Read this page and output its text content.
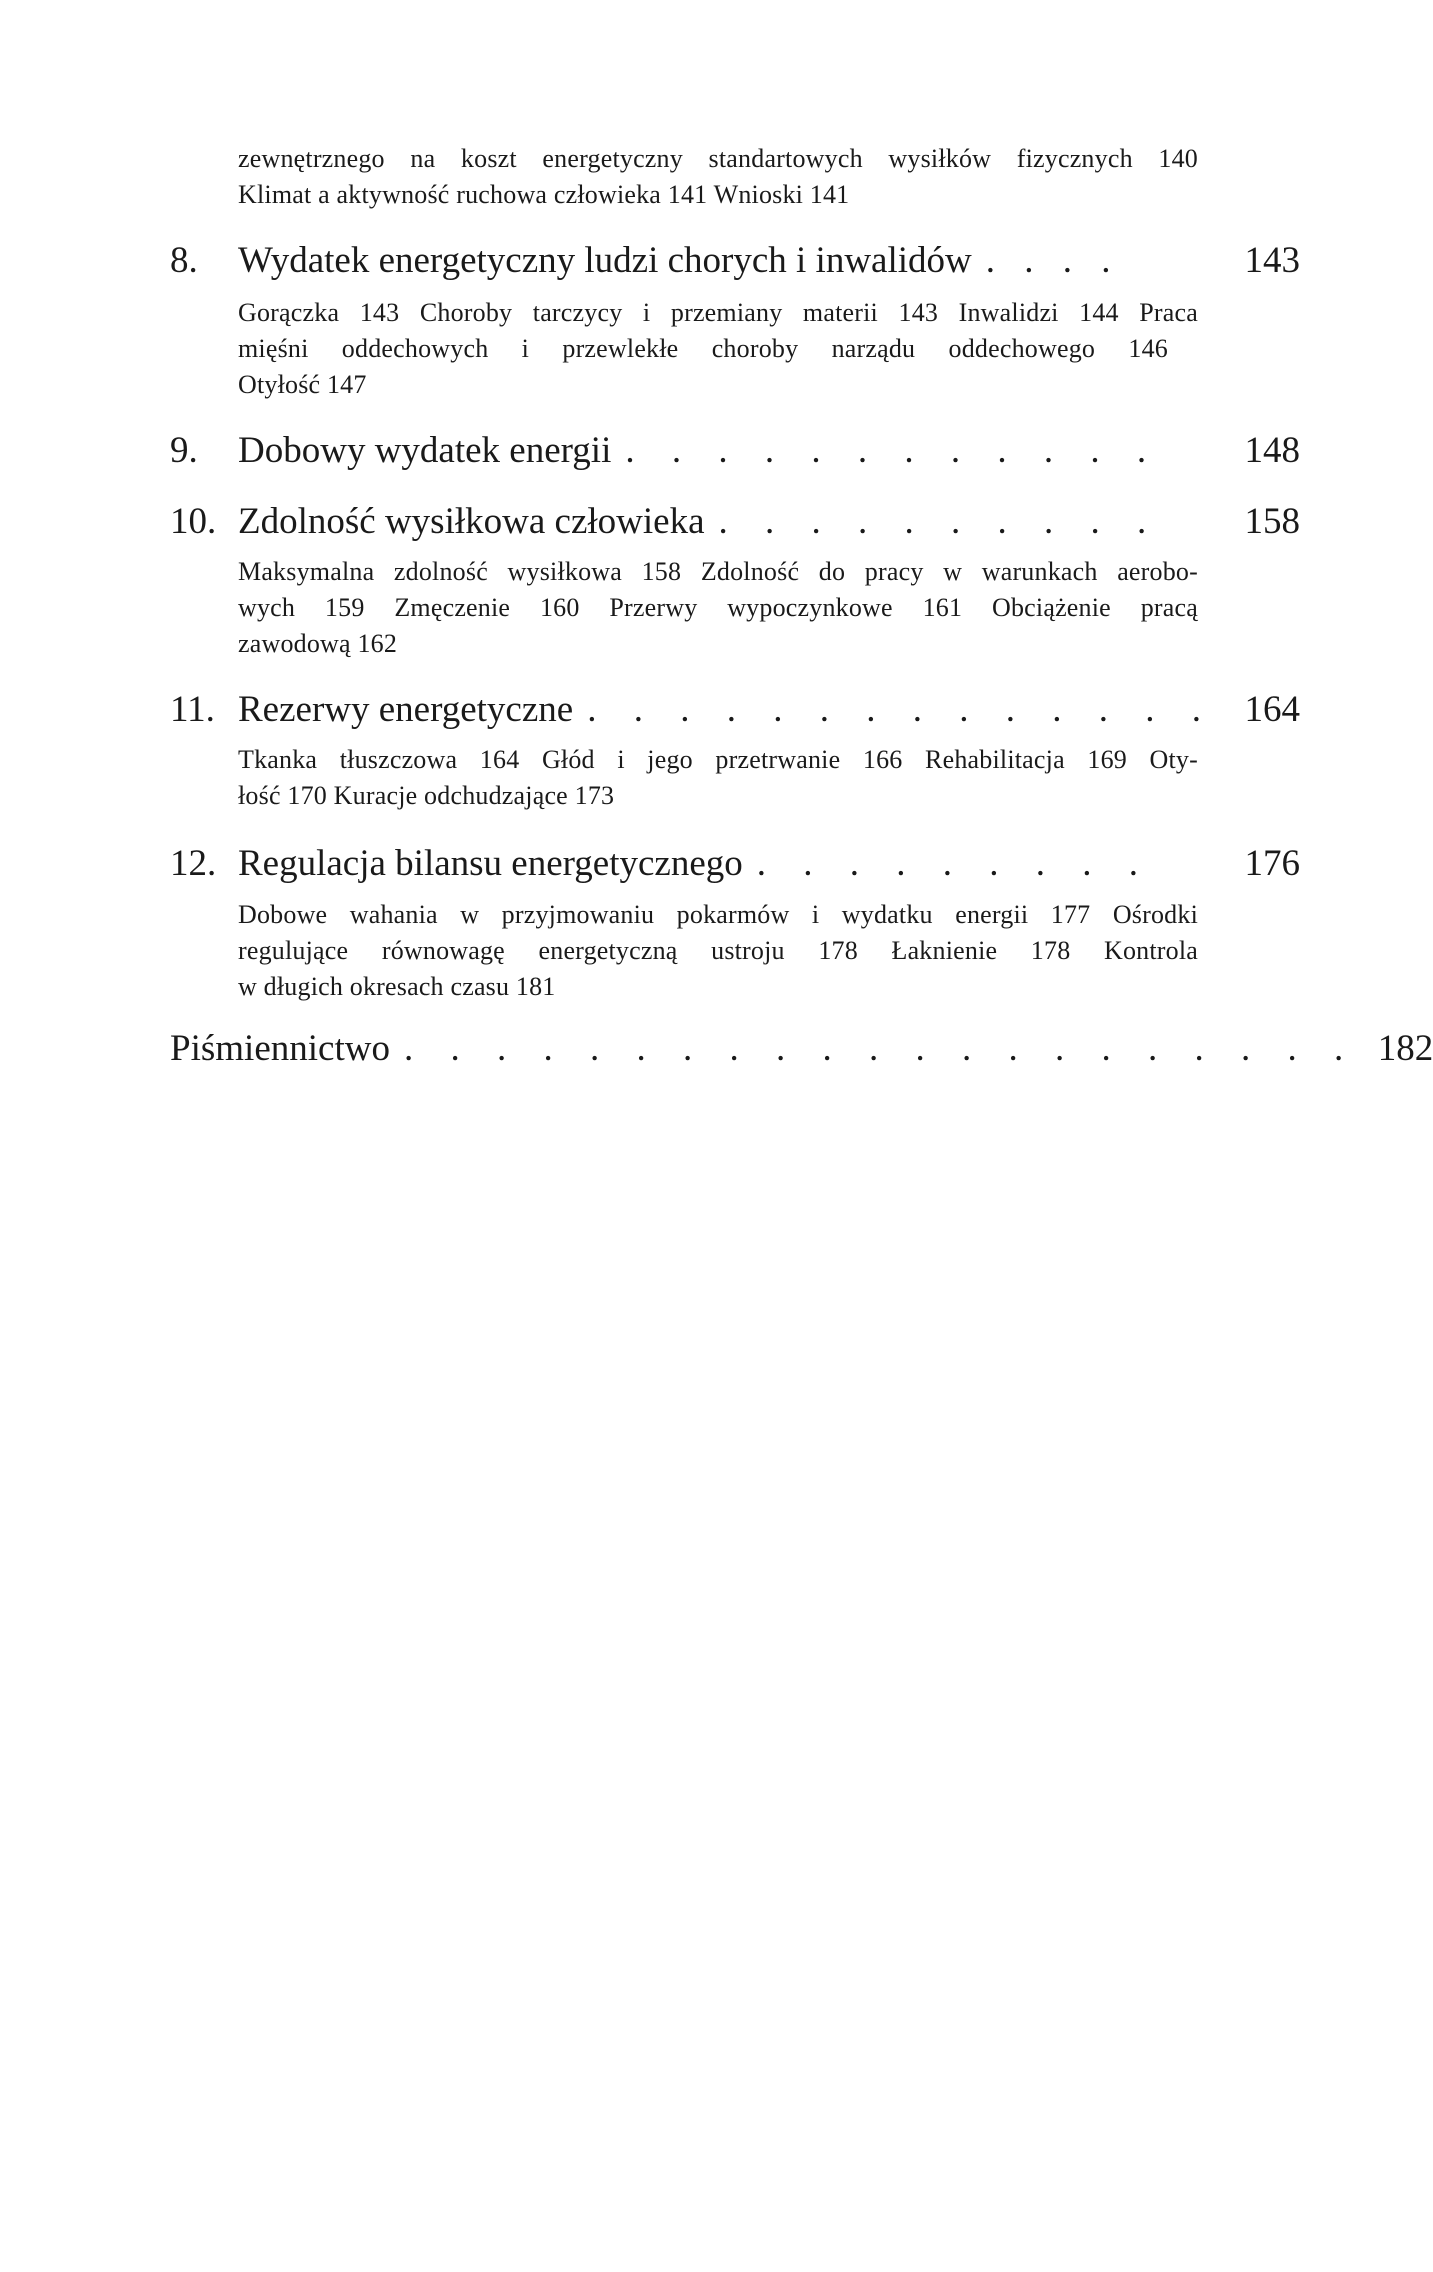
zewnętrznego na koszt energetyczny standartowych wysiłków fizycznych 140
Klimat a aktywność ruchowa człowieka 141 Wnioski 141
8.	Wydatek energetyczny ludzi chorych i inwalidów . . . .	143
Gorączka 143 Choroby tarczycy i przemiany materii 143 Inwalidzi 144 Praca
mięśni oddechowych i przewlekłe choroby narządu oddechowego 146
Otyłość 147
9.	Dobowy wydatek energii . . . . . . . . . . . .	148
10. Zdolność wysiłkowa człowieka . . . . . . . . . .	158
Maksymalna zdolność wysiłkowa 158 Zdolność do pracy w warunkach aerobo-
wych 159 Zmęczenie 160 Przerwy wypoczynkowe 161 Obciążenie pracą
zawodową 162
11. Rezerwy energetyczne . . . . . . . . . . . . . . 164
Tkanka tłuszczowa 164 Głód i jego przetrwanie 166 Rehabilitacja 169 Oty-
łość 170 Kuracje odchudzające 173
12. Regulacja bilansu energetycznego . . . . . . . . .	176
Dobowe wahania w przyjmowaniu pokarmów i wydatku energii 177 Ośrodki
regulujące równowagę energetyczną ustroju 178 Łaknienie 178 Kontrola
w długich okresach czasu 181
Piśmiennictwo . . . . . . . . . . . . . . . . . . . . . 182
